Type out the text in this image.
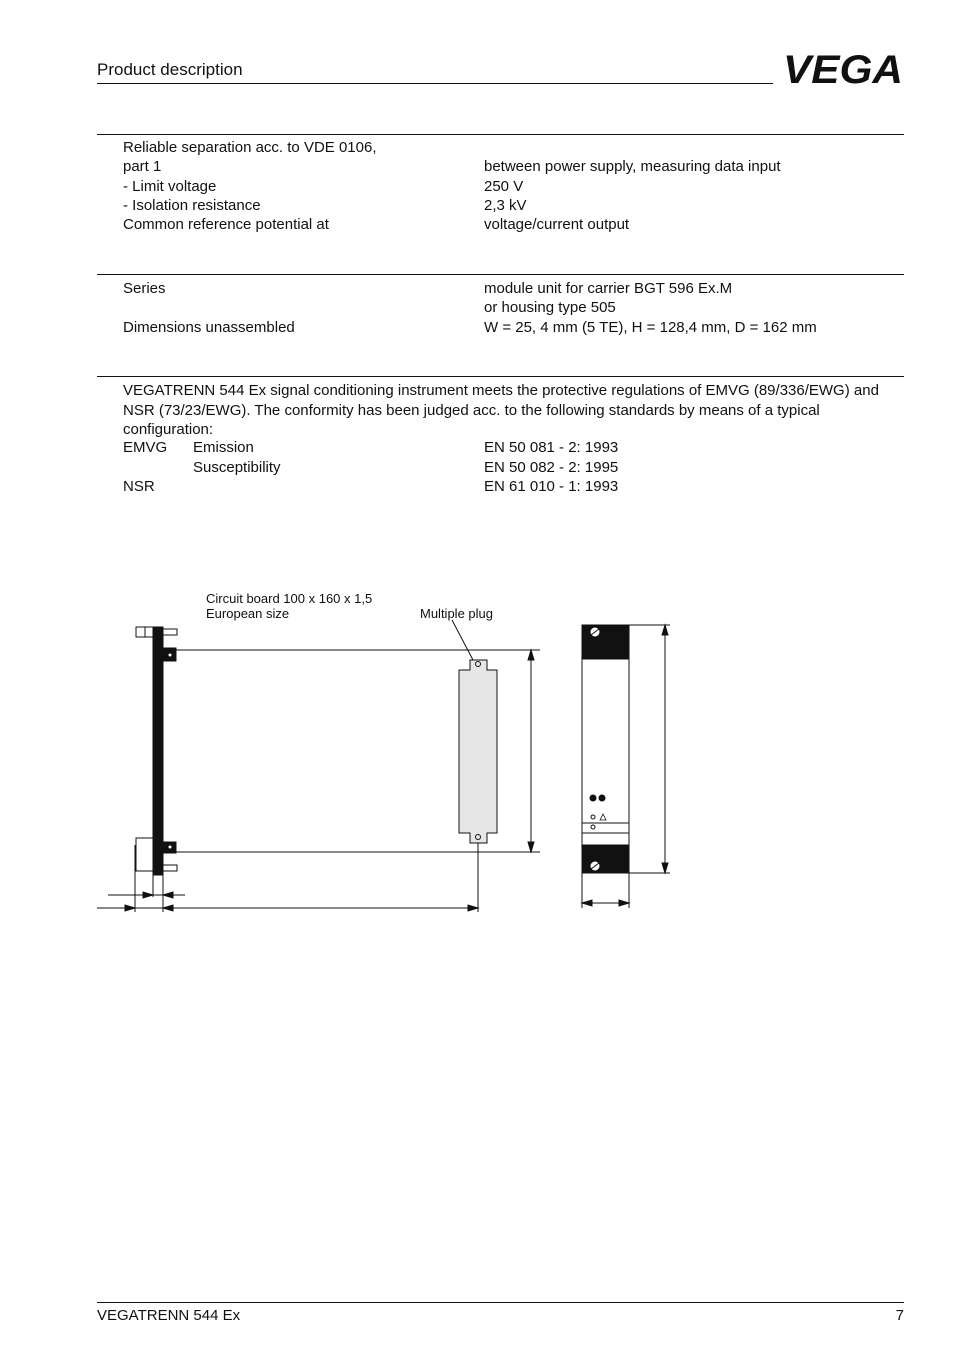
Product description	VEGA
Reliable separation acc. to VDE 0106,
part 1	between power supply, measuring data input
- Limit voltage	250 V
- Isolation resistance	2,3 kV
Common reference potential at	voltage/current output
Series	module unit for carrier BGT 596 Ex.M
or housing type 505
Dimensions unassembled	W = 25, 4 mm (5 TE), H = 128,4 mm, D = 162 mm
VEGATRENN 544 Ex signal conditioning instrument meets the protective regulations of EMVG (89/336/EWG) and NSR (73/23/EWG). The conformity has been judged acc. to the following standards by means of a typical configuration:
EMVG Emission	EN 50 081 - 2: 1993
Susceptibility	EN 50 082 - 2: 1995
NSR	EN 61 010 - 1: 1993
Circuit board 100 x 160 x 1,5
European size	Multiple plug
VEGATRENN 544 Ex	7
